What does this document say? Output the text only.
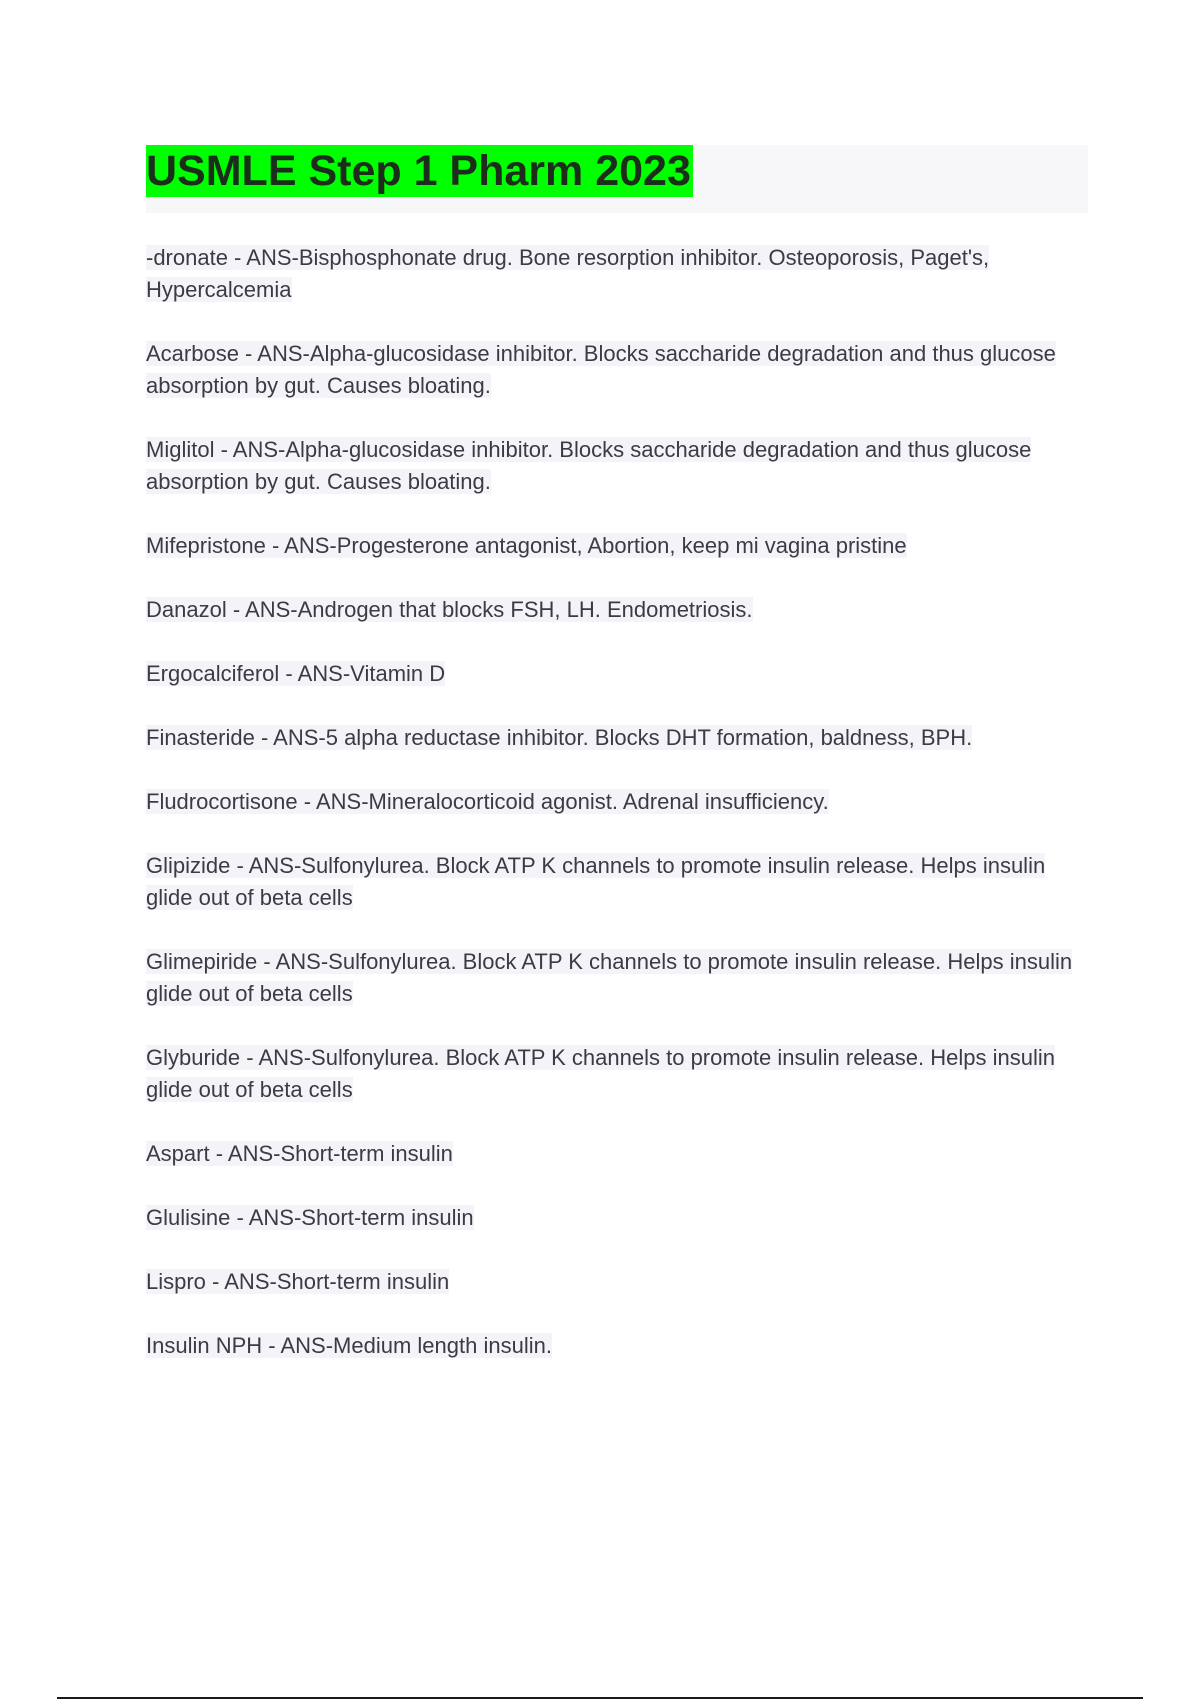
USMLE Step 1 Pharm 2023

-dronate - ANS-Bisphosphonate drug. Bone resorption inhibitor. Osteoporosis, Paget's, Hypercalcemia

Acarbose - ANS-Alpha-glucosidase inhibitor. Blocks saccharide degradation and thus glucose absorption by gut. Causes bloating.

Miglitol - ANS-Alpha-glucosidase inhibitor. Blocks saccharide degradation and thus glucose absorption by gut. Causes bloating.

Mifepristone - ANS-Progesterone antagonist, Abortion, keep mi vagina pristine

Danazol - ANS-Androgen that blocks FSH, LH. Endometriosis.

Ergocalciferol - ANS-Vitamin D

Finasteride - ANS-5 alpha reductase inhibitor. Blocks DHT formation, baldness, BPH.

Fludrocortisone - ANS-Mineralocorticoid agonist. Adrenal insufficiency.

Glipizide - ANS-Sulfonylurea. Block ATP K channels to promote insulin release. Helps insulin glide out of beta cells

Glimepiride - ANS-Sulfonylurea. Block ATP K channels to promote insulin release. Helps insulin glide out of beta cells

Glyburide - ANS-Sulfonylurea. Block ATP K channels to promote insulin release. Helps insulin glide out of beta cells

Aspart - ANS-Short-term insulin

Glulisine - ANS-Short-term insulin

Lispro - ANS-Short-term insulin

Insulin NPH - ANS-Medium length insulin.
